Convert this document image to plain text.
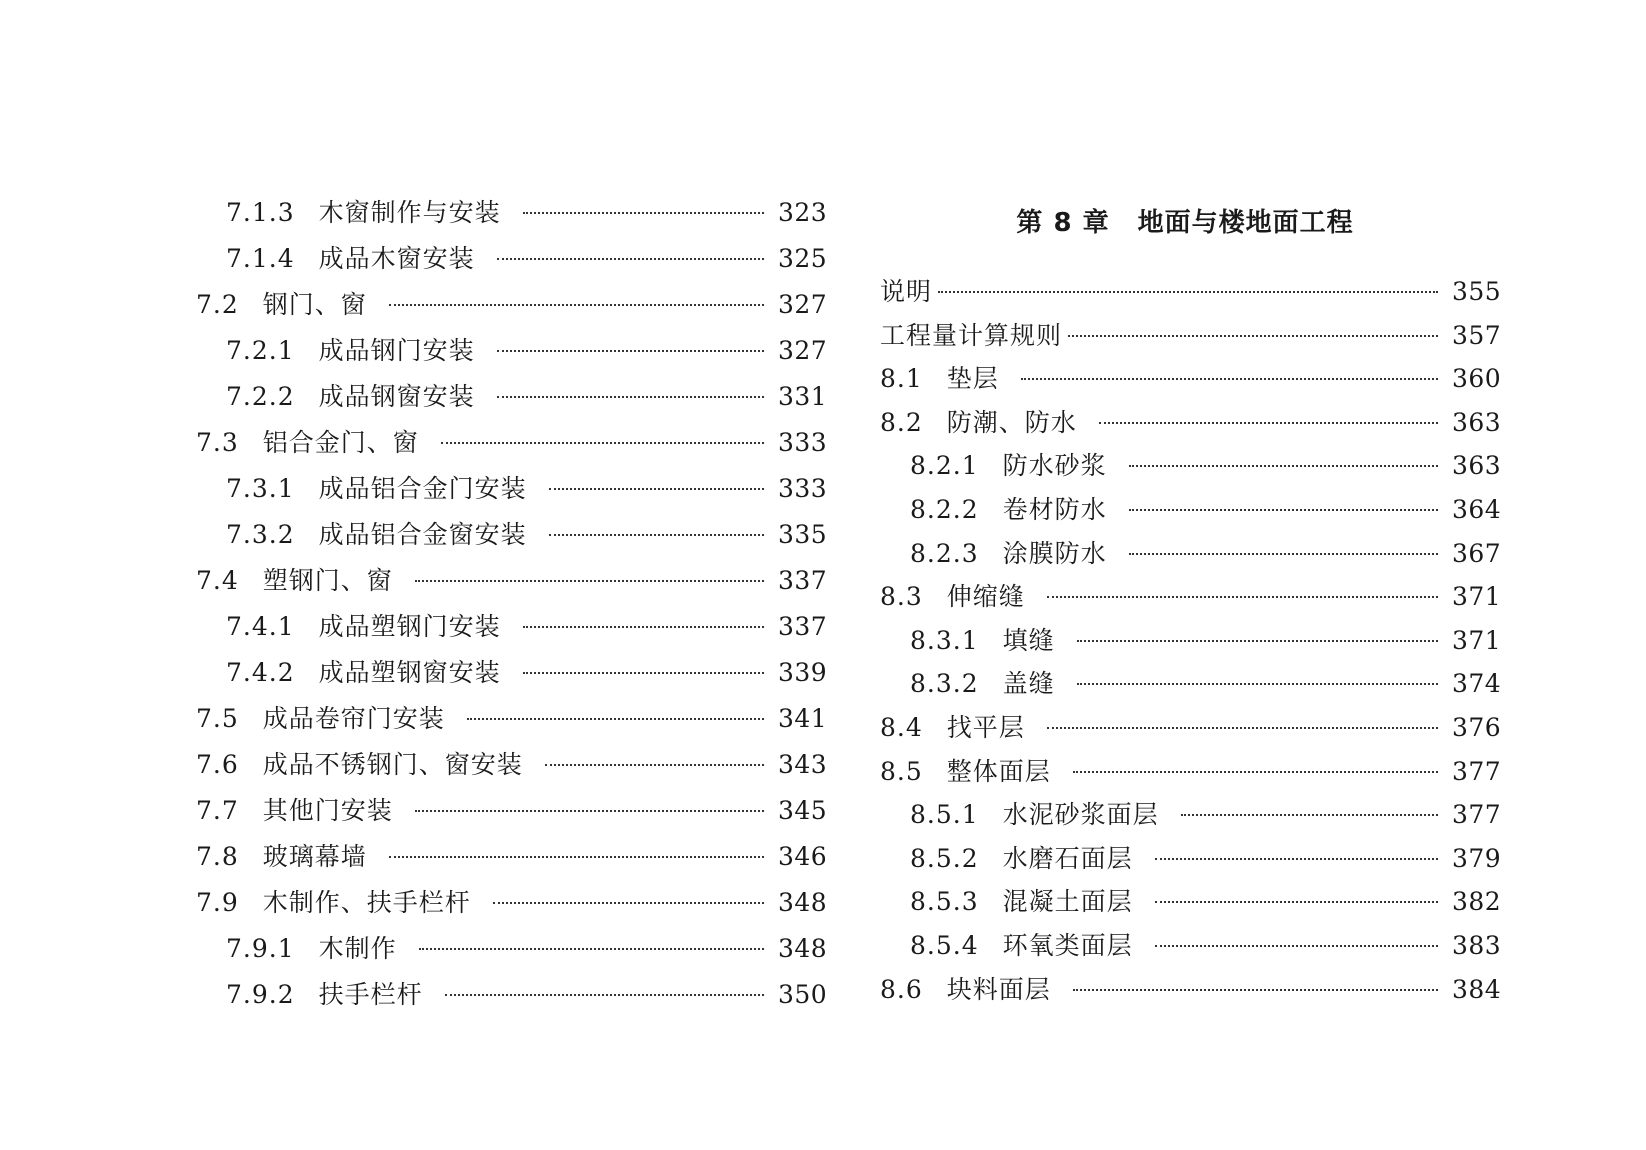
7.1.3 木窗制作与安装	323
7.1.4 成品木窗安装	325
7.2 钢门、窗	327
7.2.1 成品钢门安装	327
7.2.2 成品钢窗安装	331
7.3 铝合金门、窗	333
7.3.1 成品铝合金门安装	333
7.3.2 成品铝合金窗安装	335
7.4 塑钢门、窗	337
7.4.1 成品塑钢门安装	337
7.4.2 成品塑钢窗安装	339
7.5 成品卷帘门安装	341
7.6 成品不锈钢门、窗安装	343
7.7 其他门安装	345
7.8 玻璃幕墙	346
7.9 木制作、扶手栏杆	348
7.9.1 木制作	348
7.9.2 扶手栏杆	350
第 8 章 地面与楼地面工程
说明	355
工程量计算规则	357
8.1 垫层	360
8.2 防潮、防水	363
8.2.1 防水砂浆	363
8.2.2 卷材防水	364
8.2.3 涂膜防水	367
8.3 伸缩缝	371
8.3.1 填缝	371
8.3.2 盖缝	374
8.4 找平层	376
8.5 整体面层	377
8.5.1 水泥砂浆面层	377
8.5.2 水磨石面层	379
8.5.3 混凝土面层	382
8.5.4 环氧类面层	383
8.6 块料面层	384
